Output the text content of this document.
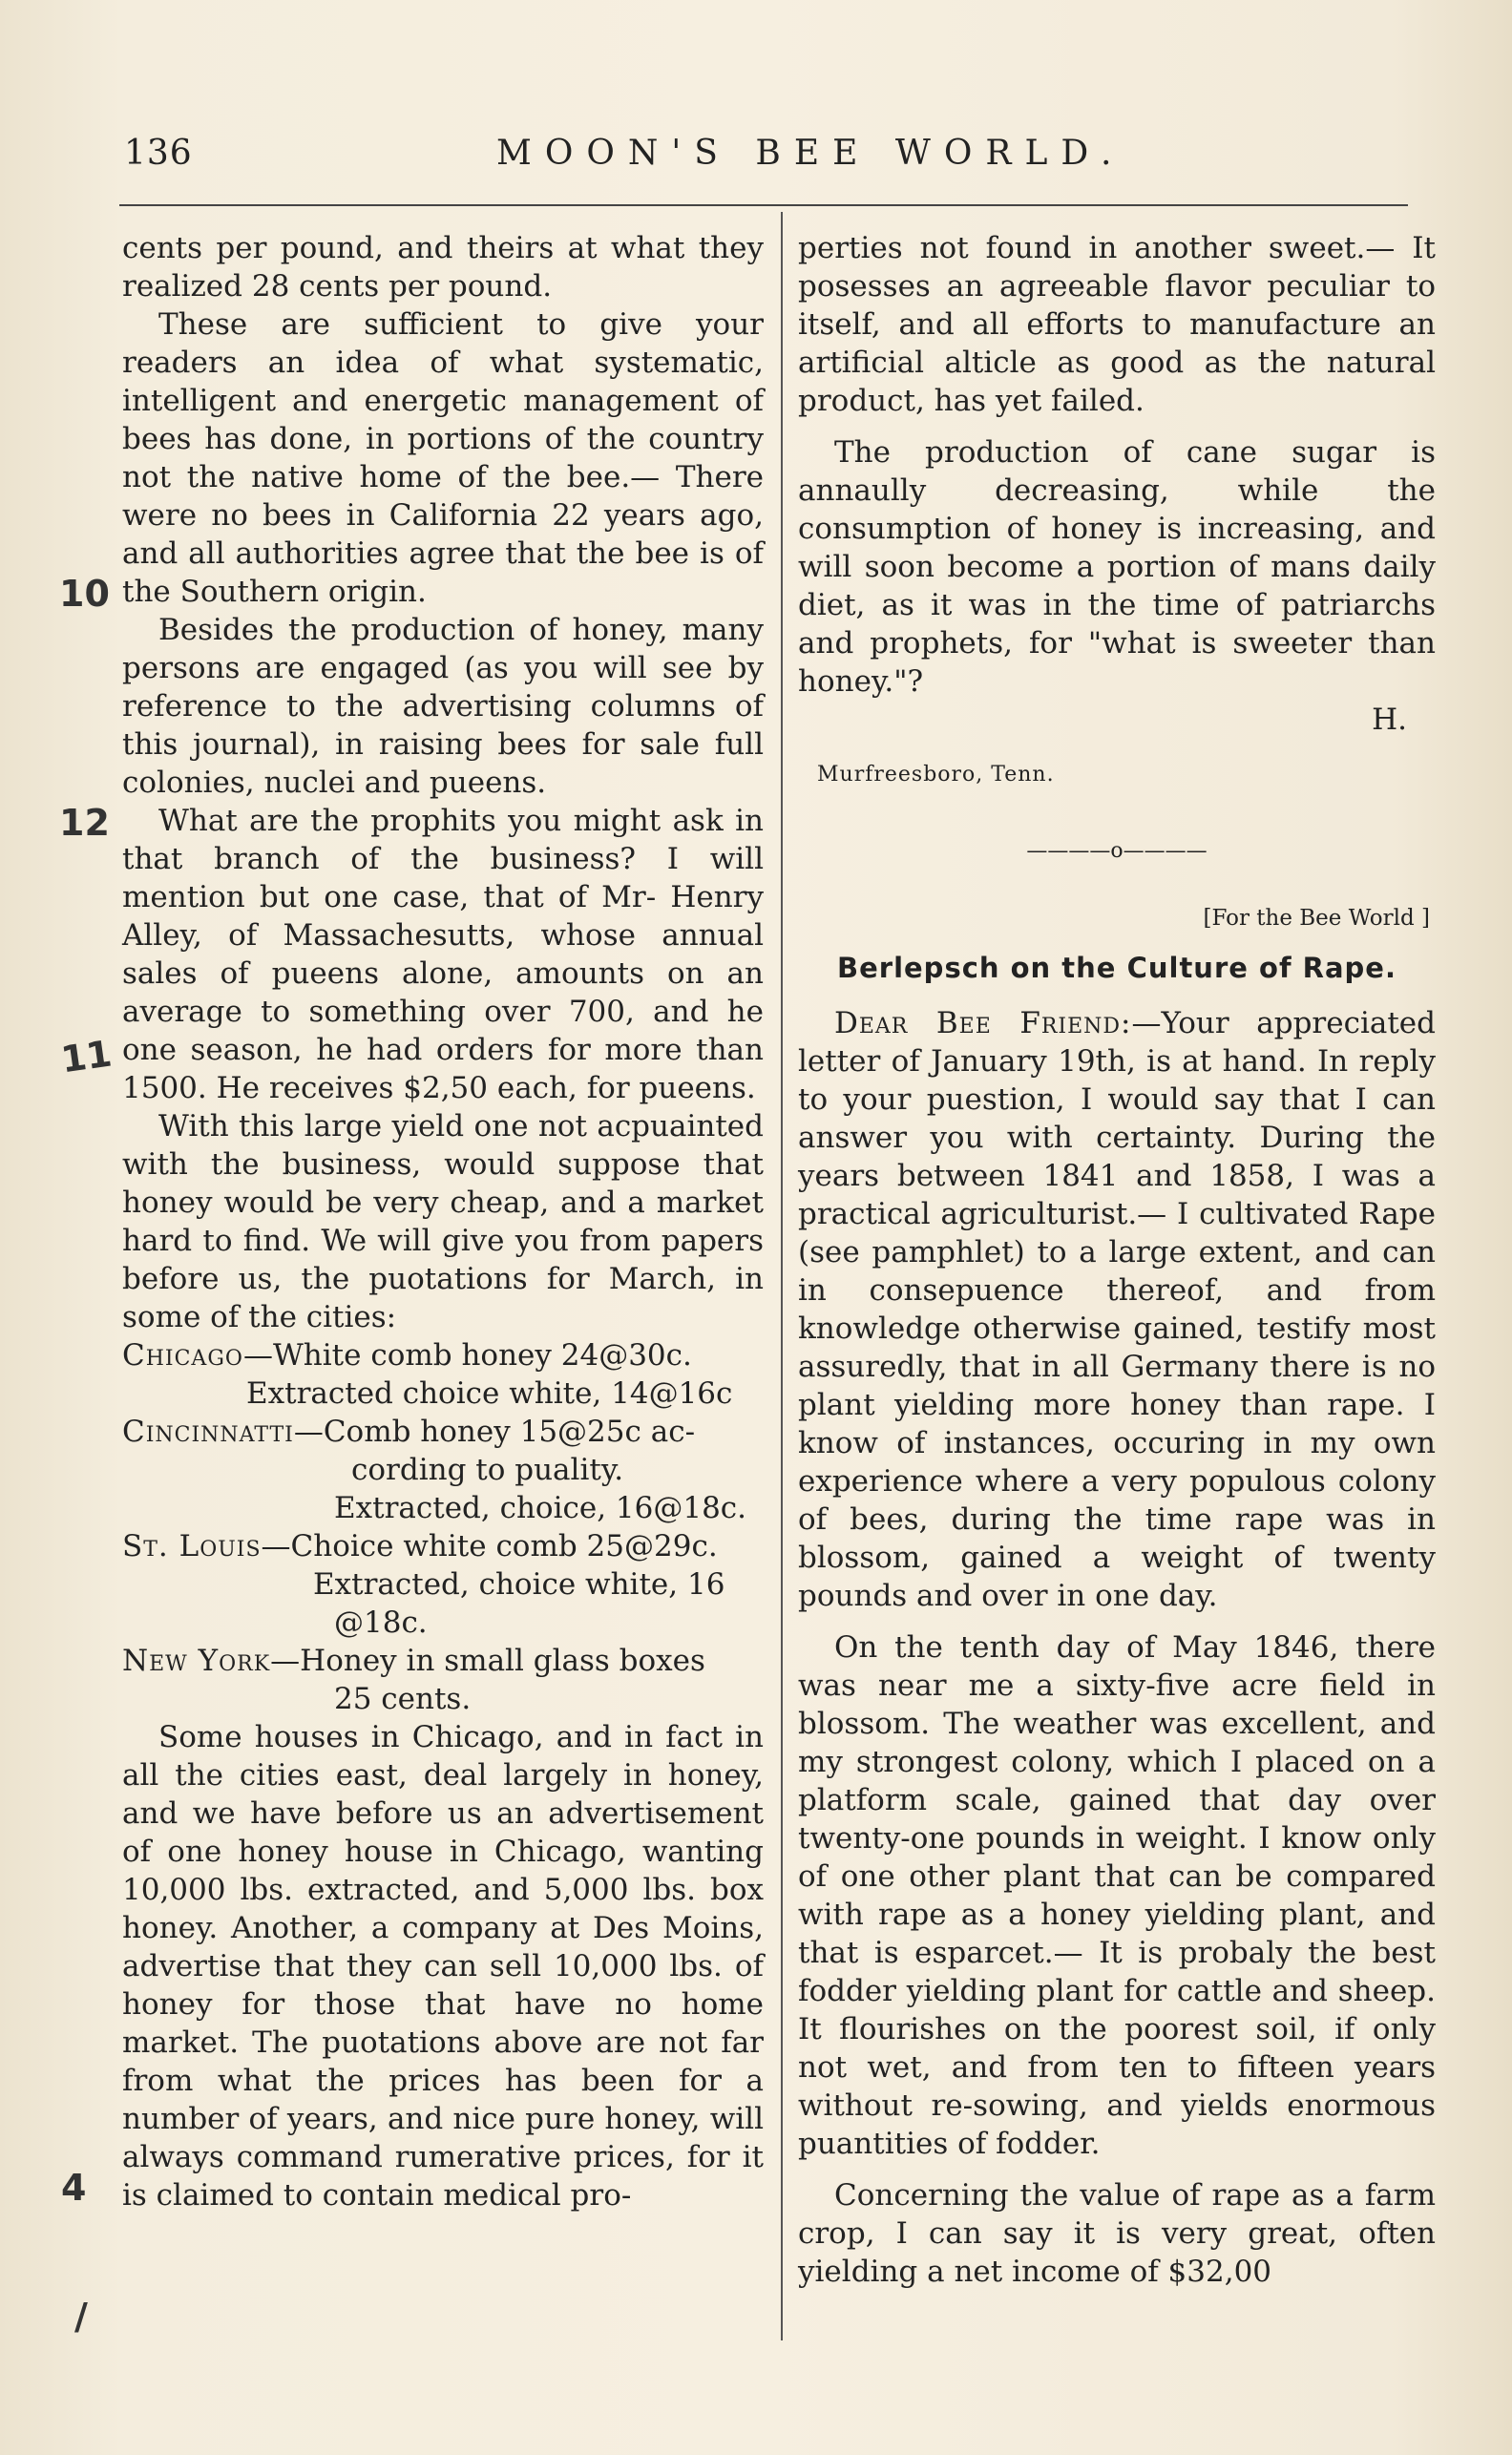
136	MOON'S BEE WORLD.
10
11
12
4
/

cents per pound, and theirs at what they realized 28 cents per pound.

These are sufficient to give your readers an idea of what systematic, intelligent and energetic management of bees has done, in portions of the country not the native home of the bee.— There were no bees in California 22 years ago, and all authorities agree that the bee is of the Southern origin.

Besides the production of honey, many persons are engaged (as you will see by reference to the advertising columns of this journal), in raising bees for sale full colonies, nuclei and pueens.

What are the prophits you might ask in that branch of the business? I will mention but one case, that of Mr- Henry Alley, of Massachesutts, whose annual sales of pueens alone, amounts on an average to something over 700, and he one season, he had orders for more than 1500. He receives $2,50 each, for pueens.

With this large yield one not acpuainted with the business, would suppose that honey would be very cheap, and a market hard to find. We will give you from papers before us, the puotations for March, in some of the cities:

Chicago—White comb honey 24@30c.
Extracted choice white, 14@16c

Cincinnatti—Comb honey 15@25c ac-
cording to puality.
Extracted, choice, 16@18c.

St. Louis—Choice white comb 25@29c.
Extracted, choice white, 16
@18c.

New York—Honey in small glass boxes
25 cents.

Some houses in Chicago, and in fact in all the cities east, deal largely in honey, and we have before us an advertisement of one honey house in Chicago, wanting 10,000 lbs. extracted, and 5,000 lbs. box honey. Another, a company at Des Moins, advertise that they can sell 10,000 lbs. of honey for those that have no home market. The puotations above are not far from what the prices has been for a number of years, and nice pure honey, will always command rumerative prices, for it is claimed to contain medical pro-

perties not found in another sweet.— It posesses an agreeable flavor peculiar to itself, and all efforts to manufacture an artificial alticle as good as the natural product, has yet failed.

The production of cane sugar is annaully decreasing, while the consumption of honey is increasing, and will soon become a portion of mans daily diet, as it was in the time of patriarchs and prophets, for "what is sweeter than honey."?

H.

Murfreesboro, Tenn.

————o————

[For the Bee World ]

Berlepsch on the Culture of Rape.

Dear Bee Friend:—Your appreciated letter of January 19th, is at hand. In reply to your puestion, I would say that I can answer you with certainty. During the years between 1841 and 1858, I was a practical agriculturist.— I cultivated Rape (see pamphlet) to a large extent, and can in consepuence thereof, and from knowledge otherwise gained, testify most assuredly, that in all Germany there is no plant yielding more honey than rape. I know of instances, occuring in my own experience where a very populous colony of bees, during the time rape was in blossom, gained a weight of twenty pounds and over in one day.

On the tenth day of May 1846, there was near me a sixty-five acre field in blossom. The weather was excellent, and my strongest colony, which I placed on a platform scale, gained that day over twenty-one pounds in weight. I know only of one other plant that can be compared with rape as a honey yielding plant, and that is esparcet.— It is probaly the best fodder yielding plant for cattle and sheep. It flourishes on the poorest soil, if only not wet, and from ten to fifteen years without re-sowing, and yields enormous puantities of fodder.

Concerning the value of rape as a farm crop, I can say it is very great, often yielding a net income of $32,00
